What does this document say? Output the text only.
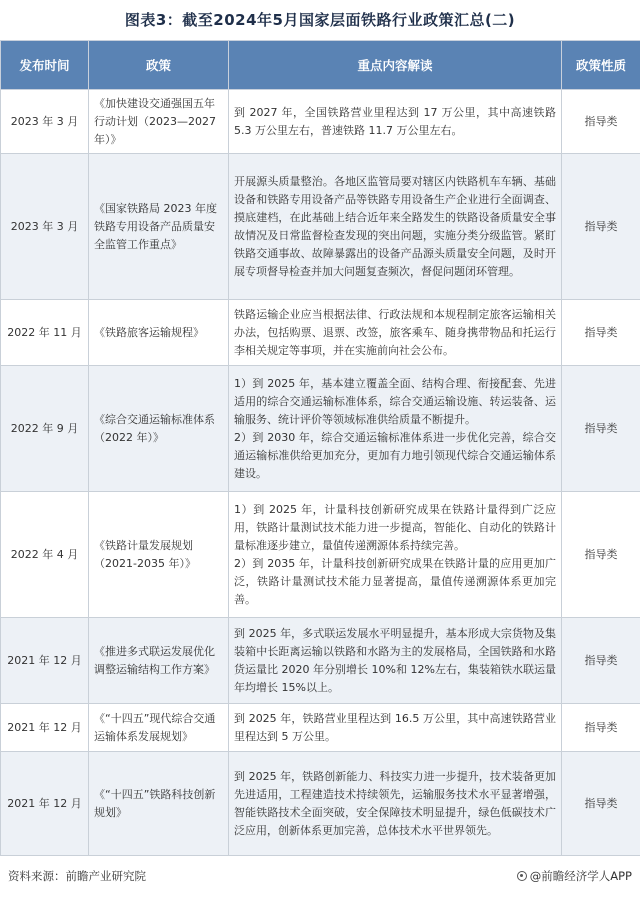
图表3：截至2024年5月国家层面铁路行业政策汇总(二)
发布时间	政策	重点内容解读	政策性质
2023 年 3 月	《加快建设交通强国五年行动计划（2023—2027 年）》	到 2027 年，全国铁路营业里程达到 17 万公里，其中高速铁路 5.3 万公里左右，普速铁路 11.7 万公里左右。	指导类
2023 年 3 月	《国家铁路局 2023 年度铁路专用设备产品质量安全监管工作重点》	开展源头质量整治。各地区监管局要对辖区内铁路机车车辆、基础设备和铁路专用设备产品等铁路专用设备生产企业进行全面调查、摸底建档，在此基础上结合近年来全路发生的铁路设备质量安全事故情况及日常监督检查发现的突出问题，实施分类分级监管。紧盯铁路交通事故、故障暴露出的设备产品源头质量安全问题，及时开展专项督导检查并加大问题复查频次，督促问题闭环管理。	指导类
2022 年 11 月	《铁路旅客运输规程》	铁路运输企业应当根据法律、行政法规和本规程制定旅客运输相关办法，包括购票、退票、改签，旅客乘车、随身携带物品和托运行李相关规定等事项，并在实施前向社会公布。	指导类
2022 年 9 月	《综合交通运输标准体系（2022 年）》	1）到 2025 年，基本建立覆盖全面、结构合理、衔接配套、先进适用的综合交通运输标准体系，综合交通运输设施、转运装备、运输服务、统计评价等领域标准供给质量不断提升。
2）到 2030 年，综合交通运输标准体系进一步优化完善，综合交通运输标准供给更加充分，更加有力地引领现代综合交通运输体系建设。	指导类
2022 年 4 月	《铁路计量发展规划（2021-2035 年）》	1）到 2025 年，计量科技创新研究成果在铁路计量得到广泛应用，铁路计量测试技术能力进一步提高，智能化、自动化的铁路计量标准逐步建立，量值传递溯源体系持续完善。
2）到 2035 年，计量科技创新研究成果在铁路计量的应用更加广泛，铁路计量测试技术能力显著提高，量值传递溯源体系更加完善。	指导类
2021 年 12 月	《推进多式联运发展优化调整运输结构工作方案》	到 2025 年，多式联运发展水平明显提升，基本形成大宗货物及集装箱中长距离运输以铁路和水路为主的发展格局，全国铁路和水路货运量比 2020 年分别增长 10%和 12%左右，集装箱铁水联运量年均增长 15%以上。	指导类
2021 年 12 月	《“十四五”现代综合交通运输体系发展规划》	到 2025 年，铁路营业里程达到 16.5 万公里，其中高速铁路营业里程达到 5 万公里。	指导类
2021 年 12 月	《“十四五”铁路科技创新规划》	到 2025 年，铁路创新能力、科技实力进一步提升，技术装备更加先进适用，工程建造技术持续领先，运输服务技术水平显著增强，智能铁路技术全面突破，安全保障技术明显提升，绿色低碳技术广泛应用，创新体系更加完善，总体技术水平世界领先。	指导类
资料来源：前瞻产业研究院	@前瞻经济学人APP
